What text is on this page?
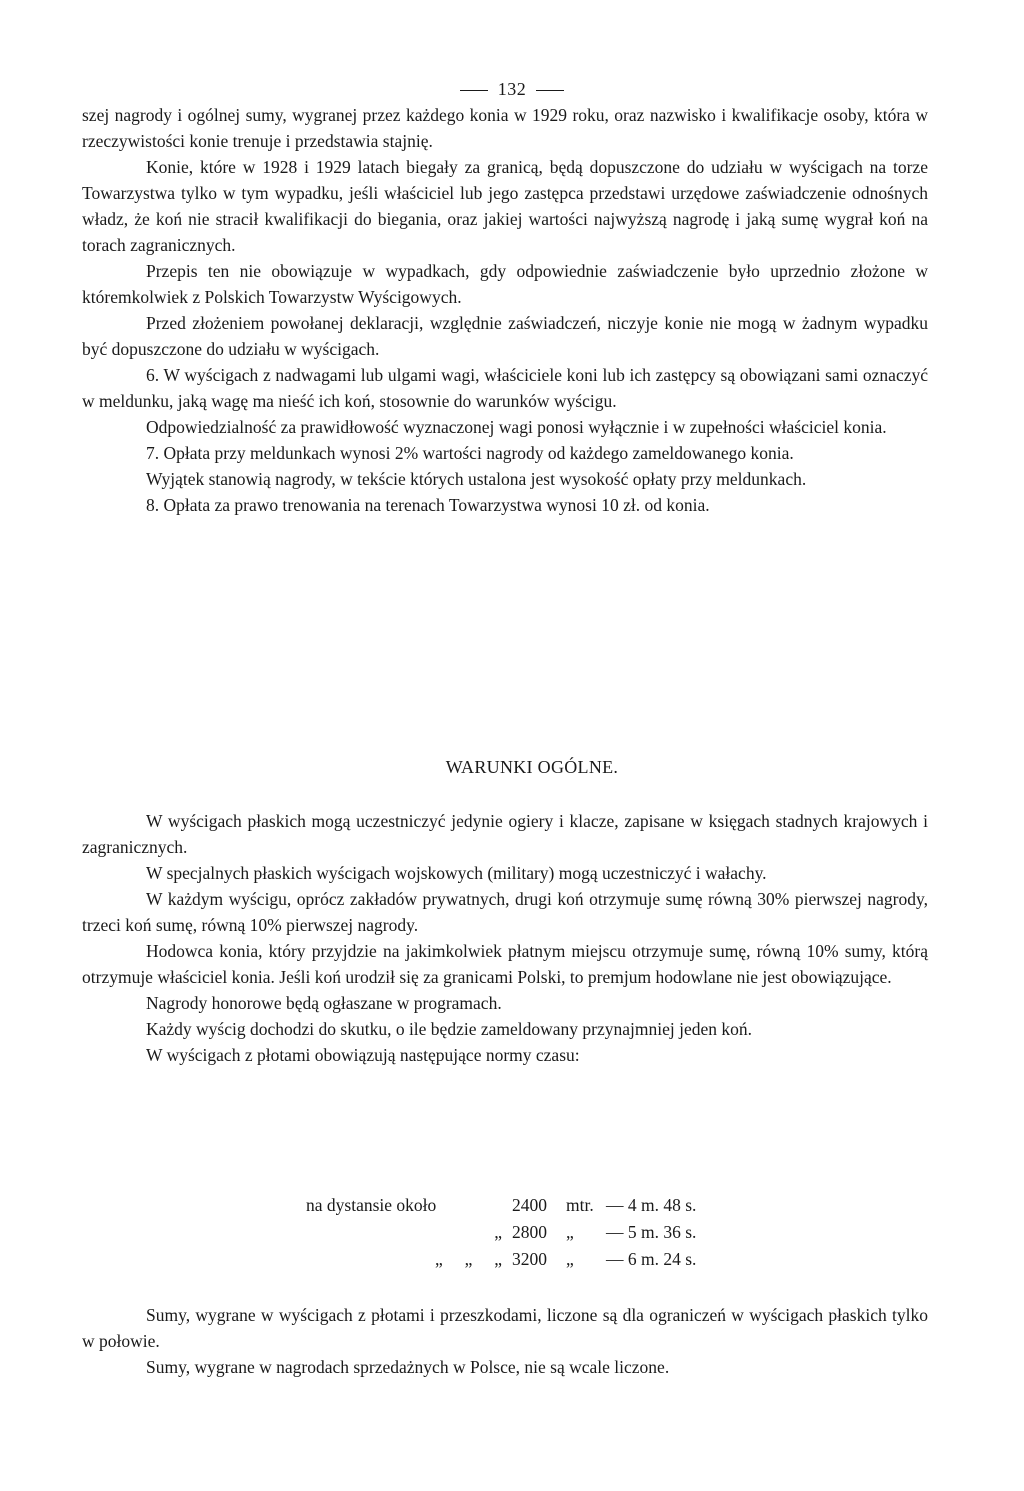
132

szej nagrody i ogólnej sumy, wygranej przez każdego konia w 1929 roku, oraz nazwisko i kwalifikacje osoby, która w rzeczywistości konie trenuje i przedstawia stajnię.

Konie, które w 1928 i 1929 latach biegały za granicą, będą dopuszczone do udziału w wyścigach na torze Towarzystwa tylko w tym wypadku, jeśli właściciel lub jego zastępca przedstawi urzędowe zaświadczenie odnośnych władz, że koń nie stracił kwalifikacji do biegania, oraz jakiej wartości najwyższą nagrodę i jaką sumę wygrał koń na torach zagranicznych.

Przepis ten nie obowiązuje w wypadkach, gdy odpowiednie zaświadczenie było uprzednio złożone w któremkolwiek z Polskich Towarzystw Wyścigowych.

Przed złożeniem powołanej deklaracji, względnie zaświadczeń, niczyje konie nie mogą w żadnym wypadku być dopuszczone do udziału w wyścigach.

6. W wyścigach z nadwagami lub ulgami wagi, właściciele koni lub ich zastępcy są obowiązani sami oznaczyć w meldunku, jaką wagę ma nieść ich koń, stosownie do warunków wyścigu.

Odpowiedzialność za prawidłowość wyznaczonej wagi ponosi wyłącznie i w zupełności właściciel konia.

7. Opłata przy meldunkach wynosi 2% wartości nagrody od każdego zameldowanego konia.

Wyjątek stanowią nagrody, w tekście których ustalona jest wysokość opłaty przy meldunkach.

8. Opłata za prawo trenowania na terenach Towarzystwa wynosi 10 zł. od konia.

WARUNKI OGÓLNE.

W wyścigach płaskich mogą uczestniczyć jedynie ogiery i klacze, zapisane w księgach stadnych krajowych i zagranicznych.

W specjalnych płaskich wyścigach wojskowych (military) mogą uczestniczyć i wałachy.

W każdym wyścigu, oprócz zakładów prywatnych, drugi koń otrzymuje sumę równą 30% pierwszej nagrody, trzeci koń sumę, równą 10% pierwszej nagrody.

Hodowca konia, który przyjdzie na jakimkolwiek płatnym miejscu otrzymuje sumę, równą 10% sumy, którą otrzymuje właściciel konia. Jeśli koń urodził się za granicami Polski, to premjum hodowlane nie jest obowiązujące.

Nagrody honorowe będą ogłaszane w programach.

Każdy wyścig dochodzi do skutku, o ile będzie zameldowany przynajmniej jeden koń.

W wyścigach z płotami obowiązują następujące normy czasu:

na dystansie około	2400	mtr. — 4 m. 48 s.
„ 2800	„	— 5 m. 36 s.
„     „     „ 3200	„	— 6 m. 24 s.

Sumy, wygrane w wyścigach z płotami i przeszkodami, liczone są dla ograniczeń w wyścigach płaskich tylko w połowie.

Sumy, wygrane w nagrodach sprzedażnych w Polsce, nie są wcale liczone.
